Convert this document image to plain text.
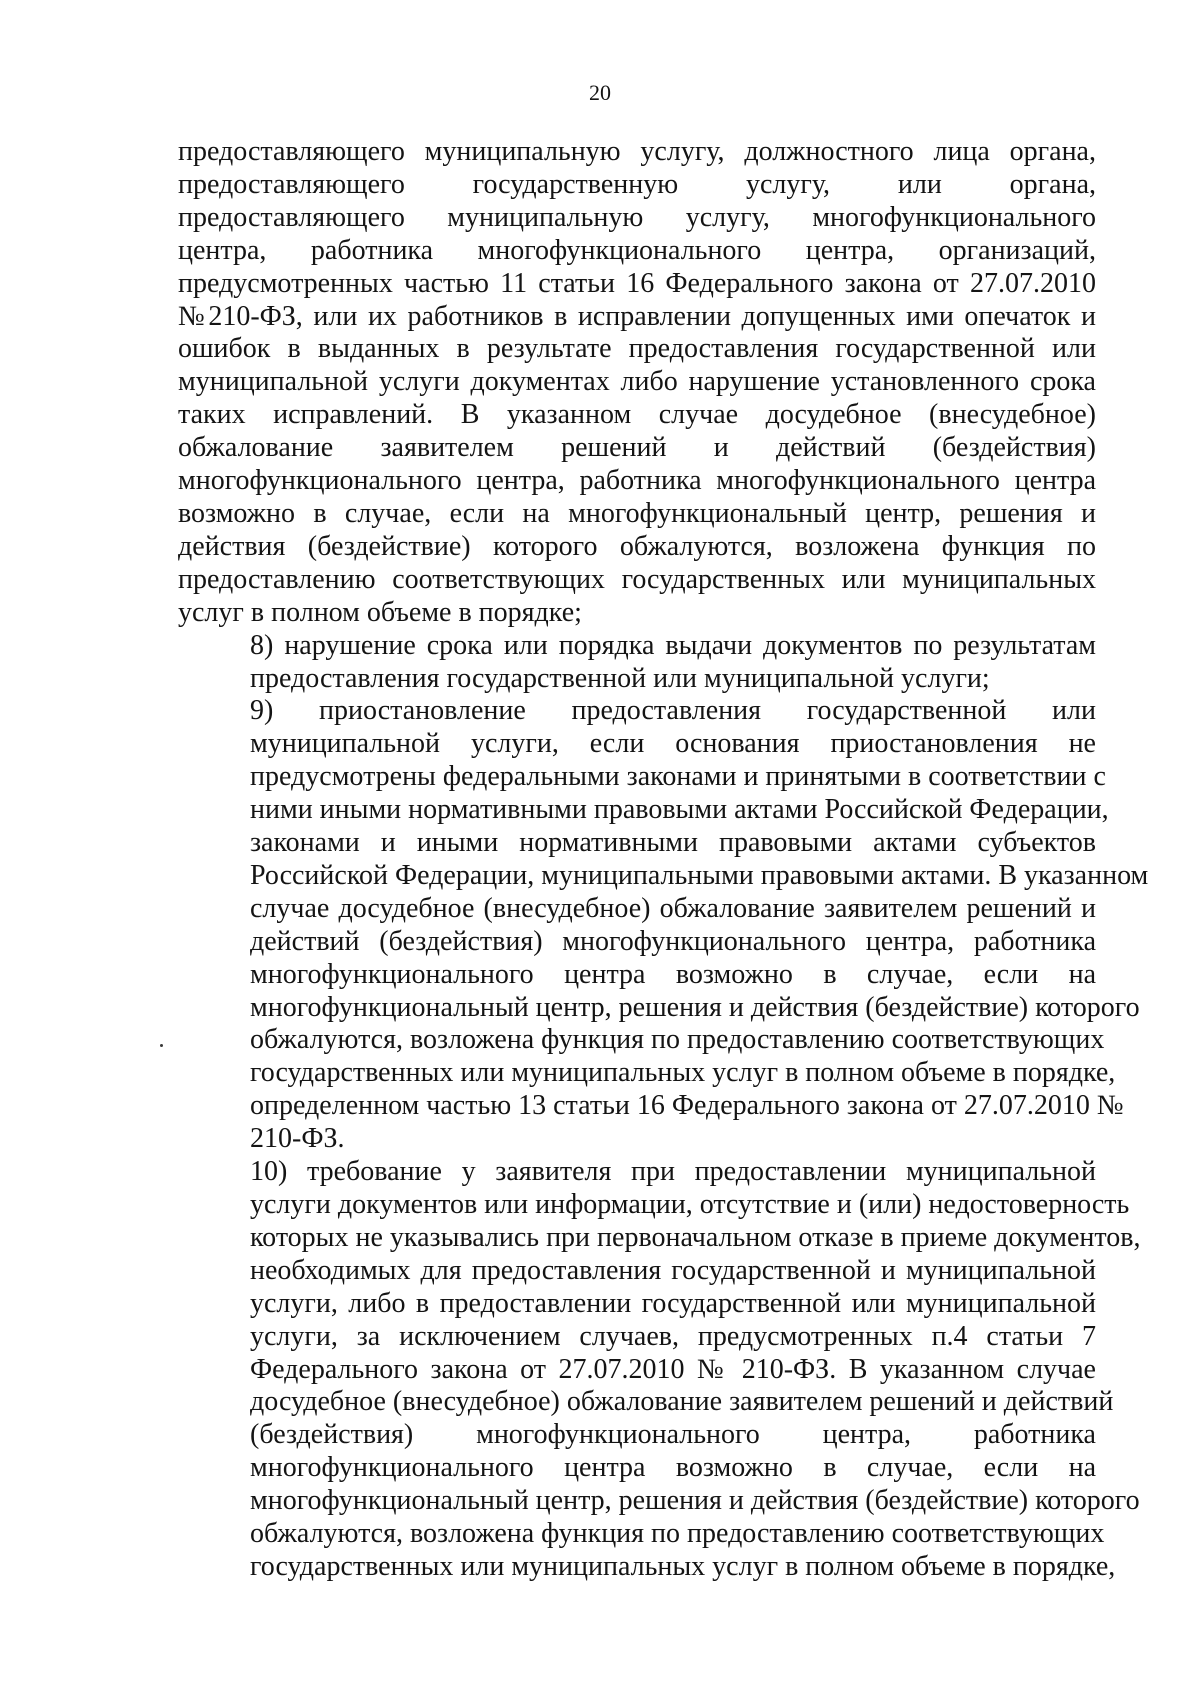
20
предоставляющего муниципальную услугу, должностного лица органа,
предоставляющего государственную услугу, или органа,
предоставляющего муниципальную услугу, многофункционального
центра, работника многофункционального центра, организаций,
предусмотренных частью 11 статьи 16 Федерального закона от 27.07.2010
№210-ФЗ, или их работников в исправлении допущенных ими опечаток и
ошибок в выданных в результате предоставления государственной или
муниципальной услуги документах либо нарушение установленного срока
таких исправлений. В указанном случае досудебное (внесудебное)
обжалование заявителем решений и действий (бездействия)
многофункционального центра, работника многофункционального центра
возможно в случае, если на многофункциональный центр, решения и
действия (бездействие) которого обжалуются, возложена функция по
предоставлению соответствующих государственных или муниципальных
услуг в полном объеме в порядке;
8) нарушение срока или порядка выдачи документов по результатам
предоставления государственной или муниципальной услуги;
9) приостановление предоставления государственной или
муниципальной услуги, если основания приостановления не
предусмотрены федеральными законами и принятыми в соответствии с
ними иными нормативными правовыми актами Российской Федерации,
законами и иными нормативными правовыми актами субъектов
Российской Федерации, муниципальными правовыми актами. В указанном
случае досудебное (внесудебное) обжалование заявителем решений и
действий (бездействия) многофункционального центра, работника
многофункционального центра возможно в случае, если на
многофункциональный центр, решения и действия (бездействие) которого
обжалуются, возложена функция по предоставлению соответствующих
государственных или муниципальных услуг в полном объеме в порядке,
определенном частью 13 статьи 16 Федерального закона от 27.07.2010 №
210-ФЗ.
10) требование у заявителя при предоставлении муниципальной
услуги документов или информации, отсутствие и (или) недостоверность
которых не указывались при первоначальном отказе в приеме документов,
необходимых для предоставления государственной и муниципальной
услуги, либо в предоставлении государственной или муниципальной
услуги, за исключением случаев, предусмотренных п.4 статьи 7
Федерального закона от 27.07.2010 № 210-ФЗ. В указанном случае
досудебное (внесудебное) обжалование заявителем решений и действий
(бездействия) многофункционального центра, работника
многофункционального центра возможно в случае, если на
многофункциональный центр, решения и действия (бездействие) которого
обжалуются, возложена функция по предоставлению соответствующих
государственных или муниципальных услуг в полном объеме в порядке,
